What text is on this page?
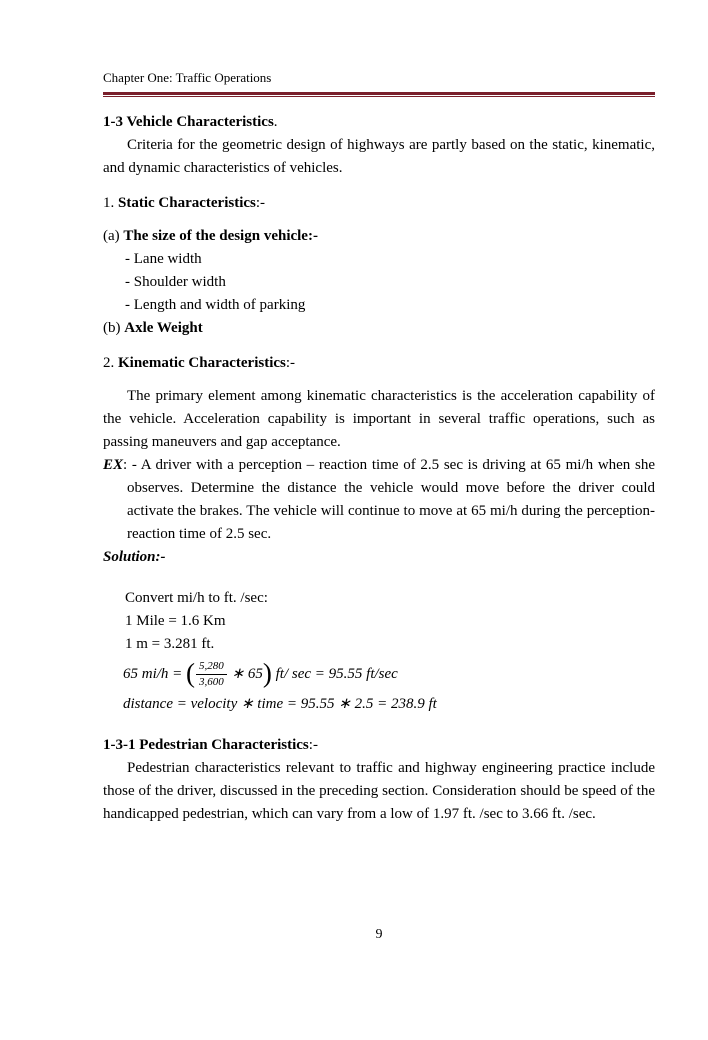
Chapter One: Traffic Operations

1-3 Vehicle Characteristics.

Criteria for the geometric design of highways are partly based on the static, kinematic, and dynamic characteristics of vehicles.

1. Static Characteristics:-

(a) The size of the design vehicle:-

- Lane width

- Shoulder width

- Length and width of parking

(b) Axle Weight

2. Kinematic Characteristics:-

The primary element among kinematic characteristics is the acceleration capability of the vehicle. Acceleration capability is important in several traffic operations, such as passing maneuvers and gap acceptance.

EX: - A driver with a perception – reaction time of 2.5 sec is driving at 65 mi/h when she observes. Determine the distance the vehicle would move before the driver could activate the brakes. The vehicle will continue to move at 65 mi/h during the perception-reaction time of 2.5 sec.

Solution:-

Convert mi/h to ft. /sec:

1 Mile = 1.6 Km

1 m = 3.281 ft.

65 mi/h = ( $\frac{5,280}{3,600}$ ∗ 65) ft/ sec = 95.55 ft/sec

distance = velocity ∗ time = 95.55 ∗ 2.5 = 238.9 ft

1-3-1 Pedestrian Characteristics:-

Pedestrian characteristics relevant to traffic and highway engineering practice include those of the driver, discussed in the preceding section. Consideration should be speed of the handicapped pedestrian, which can vary from a low of 1.97 ft. /sec to 3.66 ft. /sec.

9
